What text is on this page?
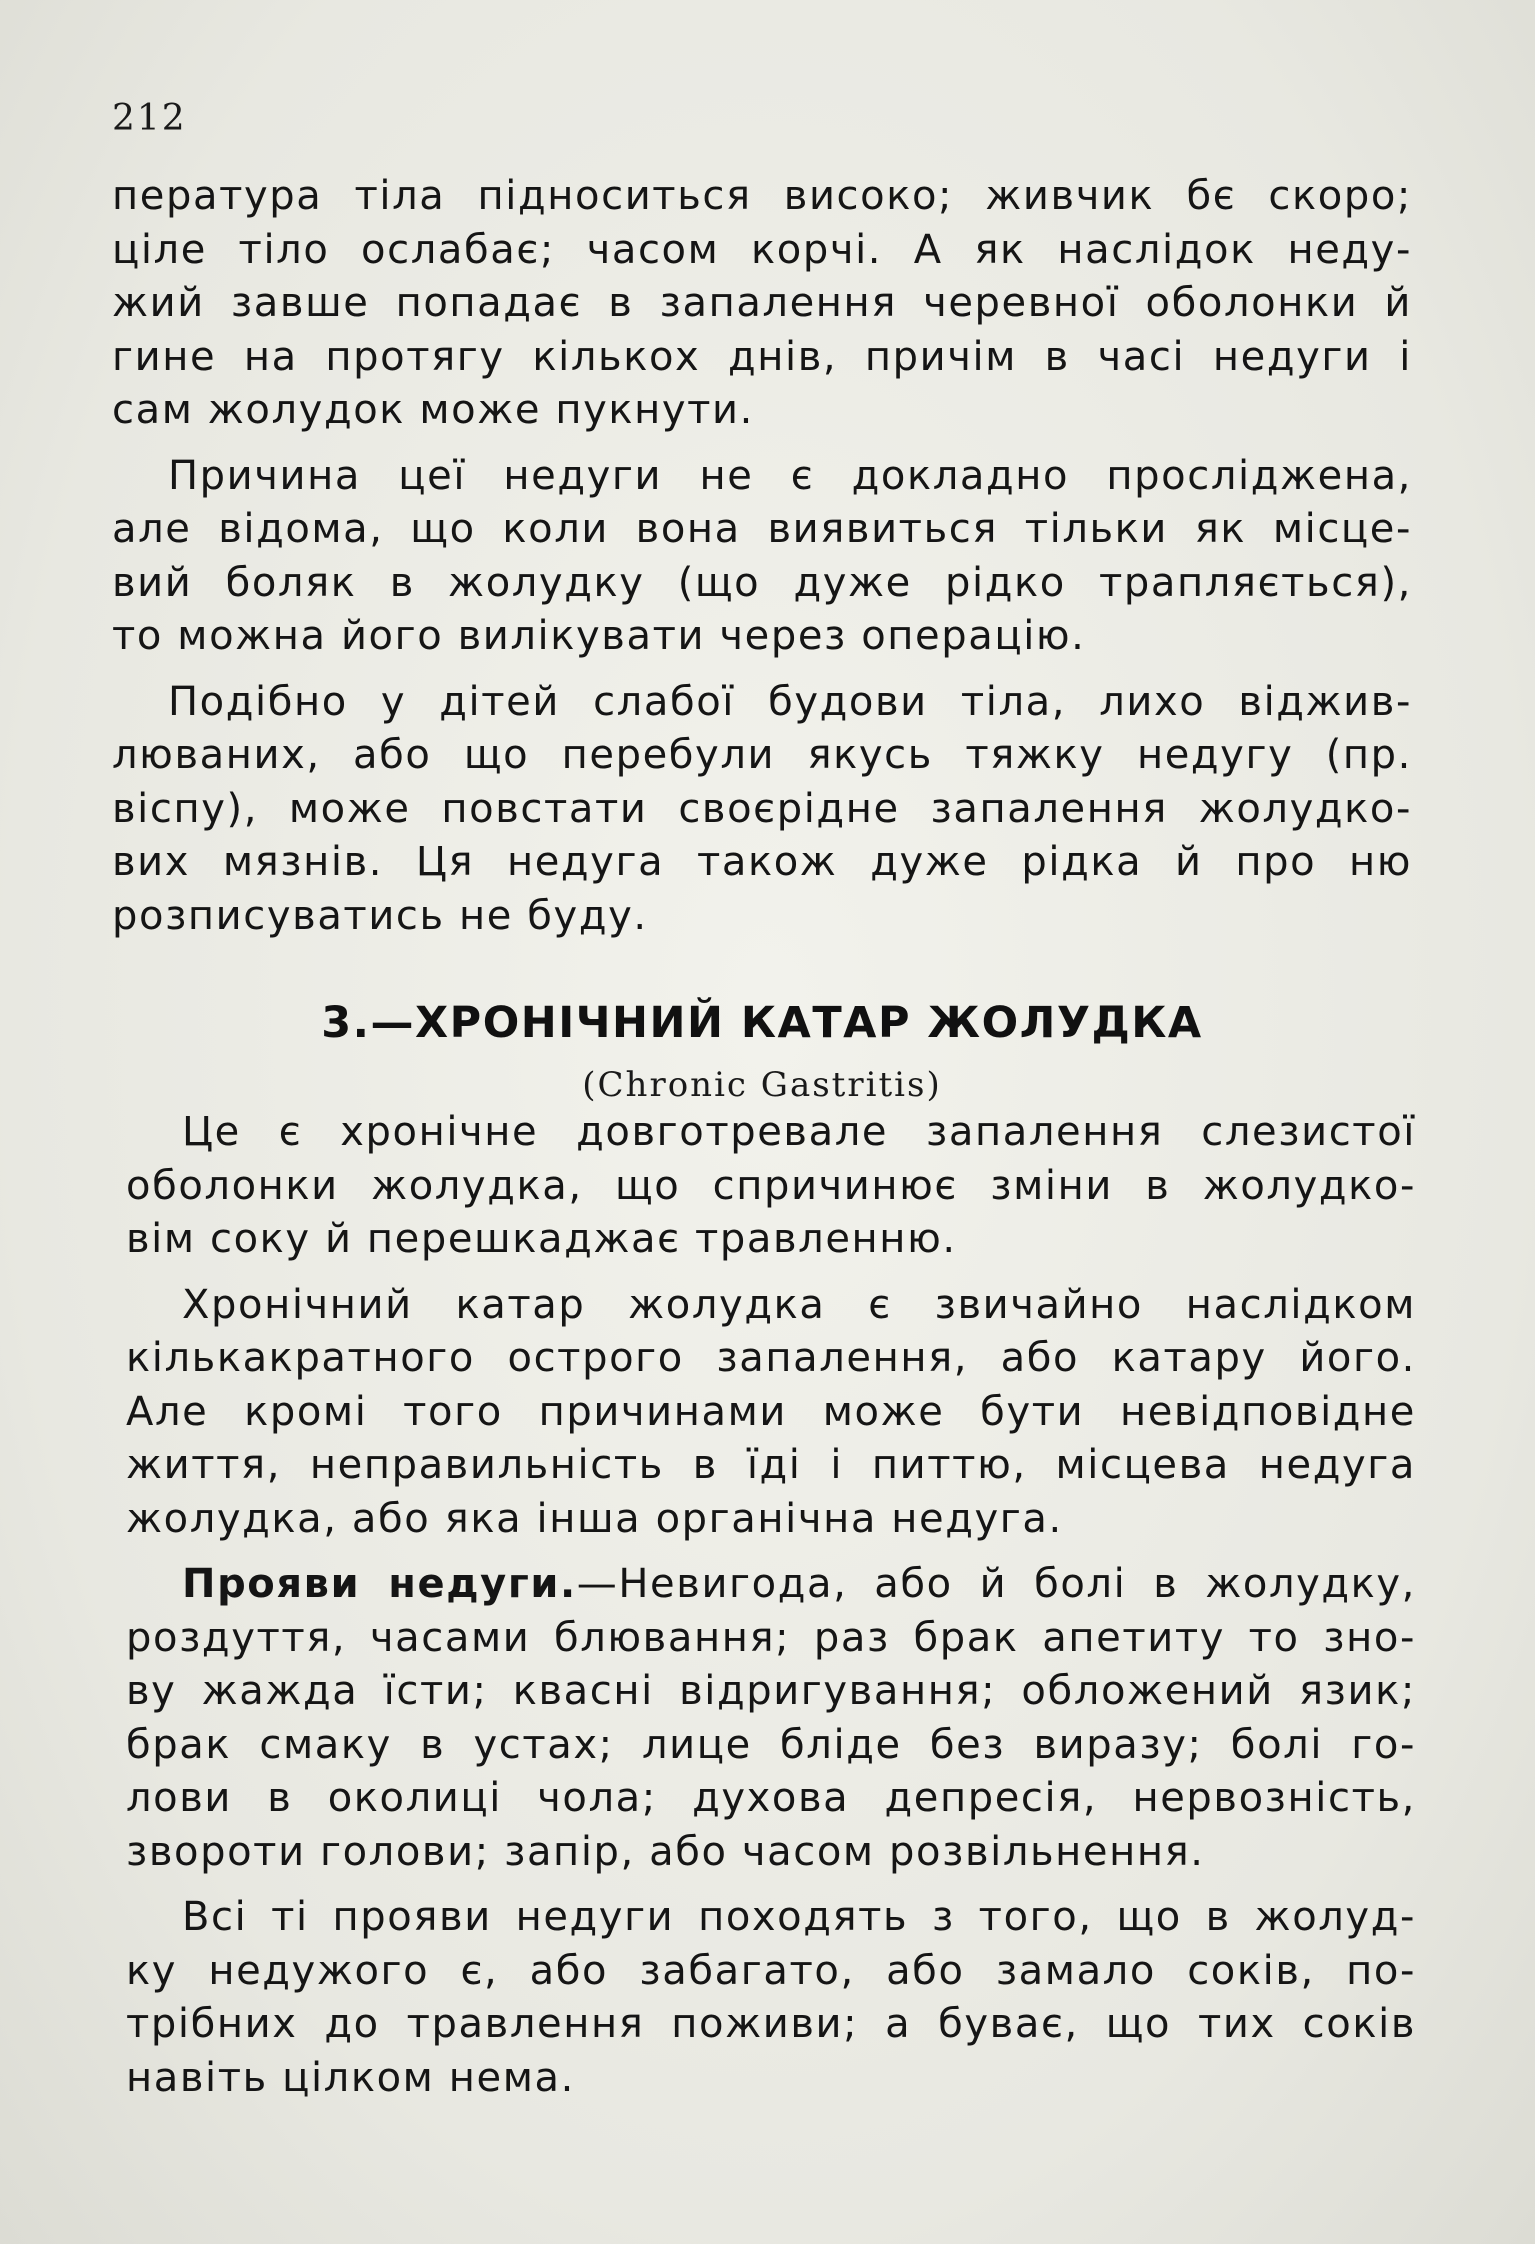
212
пература тіла підноситься високо; живчик бє скоро;
ціле тіло ослабає; часом корчі. А як наслідок неду-
жий завше попадає в запалення черевної оболонки й
гине на протягу кількох днів, причім в часі недуги і
сам жолудок може пукнути.
Причина цеї недуги не є докладно прослiджена,
але відома, що коли вона виявиться тільки як місце-
вий боляк в жолудку (що дуже рідко трапляється),
то можна його вилікувати через операцію.
Подібно у дітей слабої будови тіла, лихо віджив-
люваних, або що перебули якусь тяжку недугу (пр.
віспу), може повстати своєрідне запалення жолудко-
вих мязнів. Ця недуга також дуже рідка й про ню
розписуватись не буду.
3.—ХРОНІЧНИЙ КАТАР ЖОЛУДКА
(Chronic Gastritis)
Це є хронічне довготревале запалення слезистої
оболонки жолудка, що спричинює зміни в жолудко-
вім соку й перешкаджає травленню.
Хронічний катар жолудка є звичайно наслідком
кількакратного острого запалення, або катару його.
Але кромі того причинами може бути невідповідне
життя, неправильність в їді і питтю, місцева недуга
жолудка, або яка інша органічна недуга.
Прояви недуги.—Невигода, або й болі в жолудку,
роздуття, часами блювання; раз брак апетиту то зно-
ву жажда їсти; квасні відригування; обложений язик;
брак смаку в устах; лице бліде без виразу; болі го-
лови в околиці чола; духова депресія, нервозність,
звороти голови; запір, або часом розвільнення.
Всі ті прояви недуги походять з того, що в жолуд-
ку недужого є, або забагато, або замало соків, по-
трібних до травлення поживи; а буває, що тих соків
навіть цілком нема.
